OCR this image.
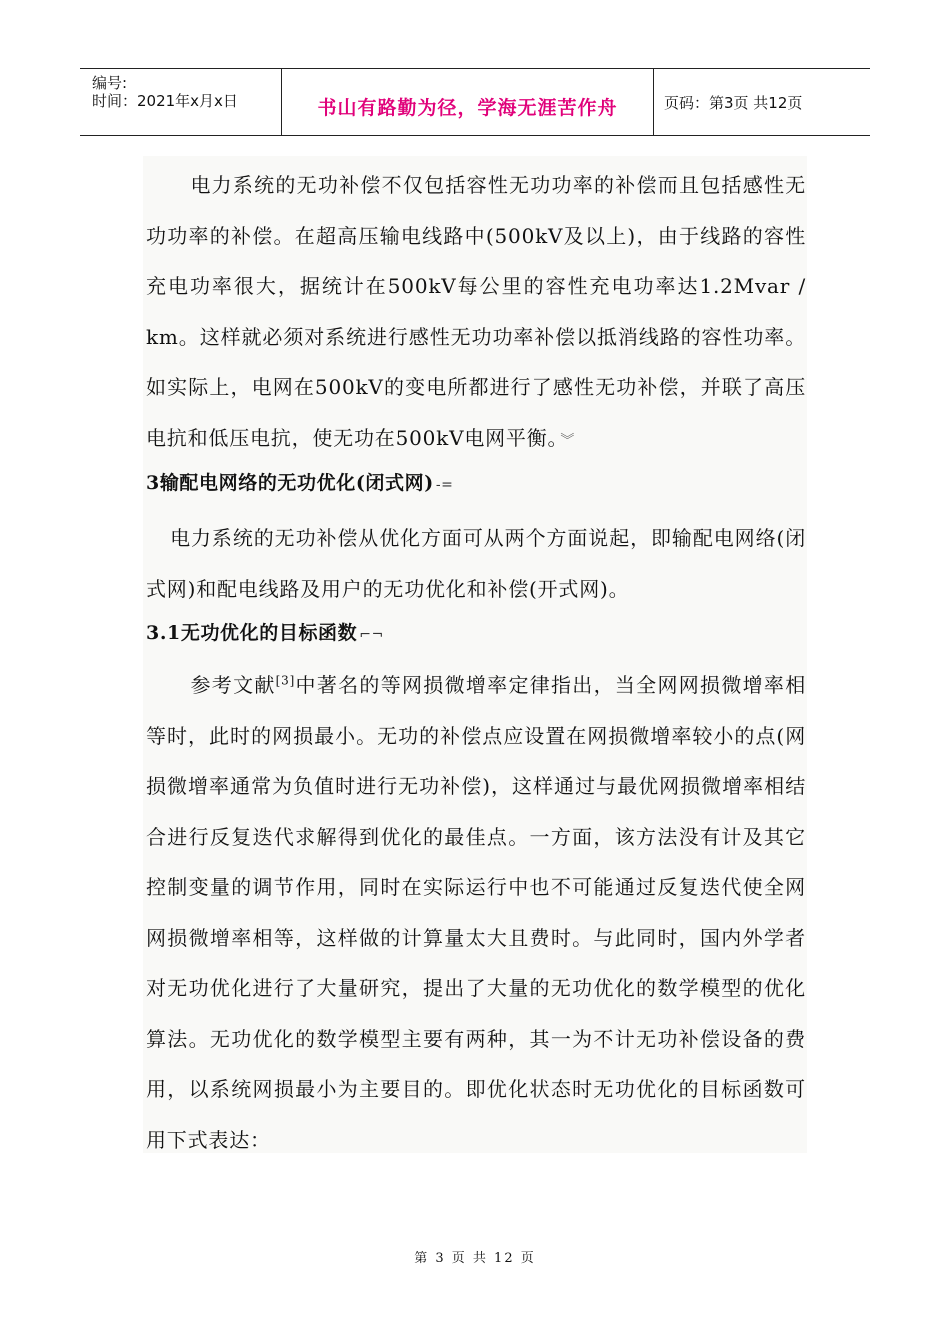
编号:
时间：2021年x月x日	书山有路勤为径，学海无涯苦作舟	页码：第3页 共12页
电力系统的无功补偿不仅包括容性无功功率的补偿而且包括感性无功功率的补偿。在超高压输电线路中(500kV及以上)，由于线路的容性充电功率很大，据统计在500kV每公里的容性充电功率达1.2Mvar / km。这样就必须对系统进行感性无功功率补偿以抵消线路的容性功率。如实际上，电网在500kV的变电所都进行了感性无功补偿，并联了高压电抗和低压电抗，使无功在500kV电网平衡。 ︾
3输配电网络的无功优化(闭式网) -=
电力系统的无功补偿从优化方面可从两个方面说起，即输配电网络(闭式网)和配电线路及用户的无功优化和补偿(开式网)。
3.1无功优化的目标函数 ⌐¬
参考文献[3]中著名的等网损微增率定律指出，当全网网损微增率相等时，此时的网损最小。无功的补偿点应设置在网损微增率较小的点(网损微增率通常为负值时进行无功补偿)，这样通过与最优网损微增率相结合进行反复迭代求解得到优化的最佳点。一方面，该方法没有计及其它控制变量的调节作用，同时在实际运行中也不可能通过反复迭代使全网网损微增率相等，这样做的计算量太大且费时。与此同时，国内外学者对无功优化进行了大量研究，提出了大量的无功优化的数学模型的优化算法。无功优化的数学模型主要有两种，其一为不计无功补偿设备的费用，以系统网损最小为主要目的。即优化状态时无功优化的目标函数可用下式表达：
第 3 页 共 12 页
